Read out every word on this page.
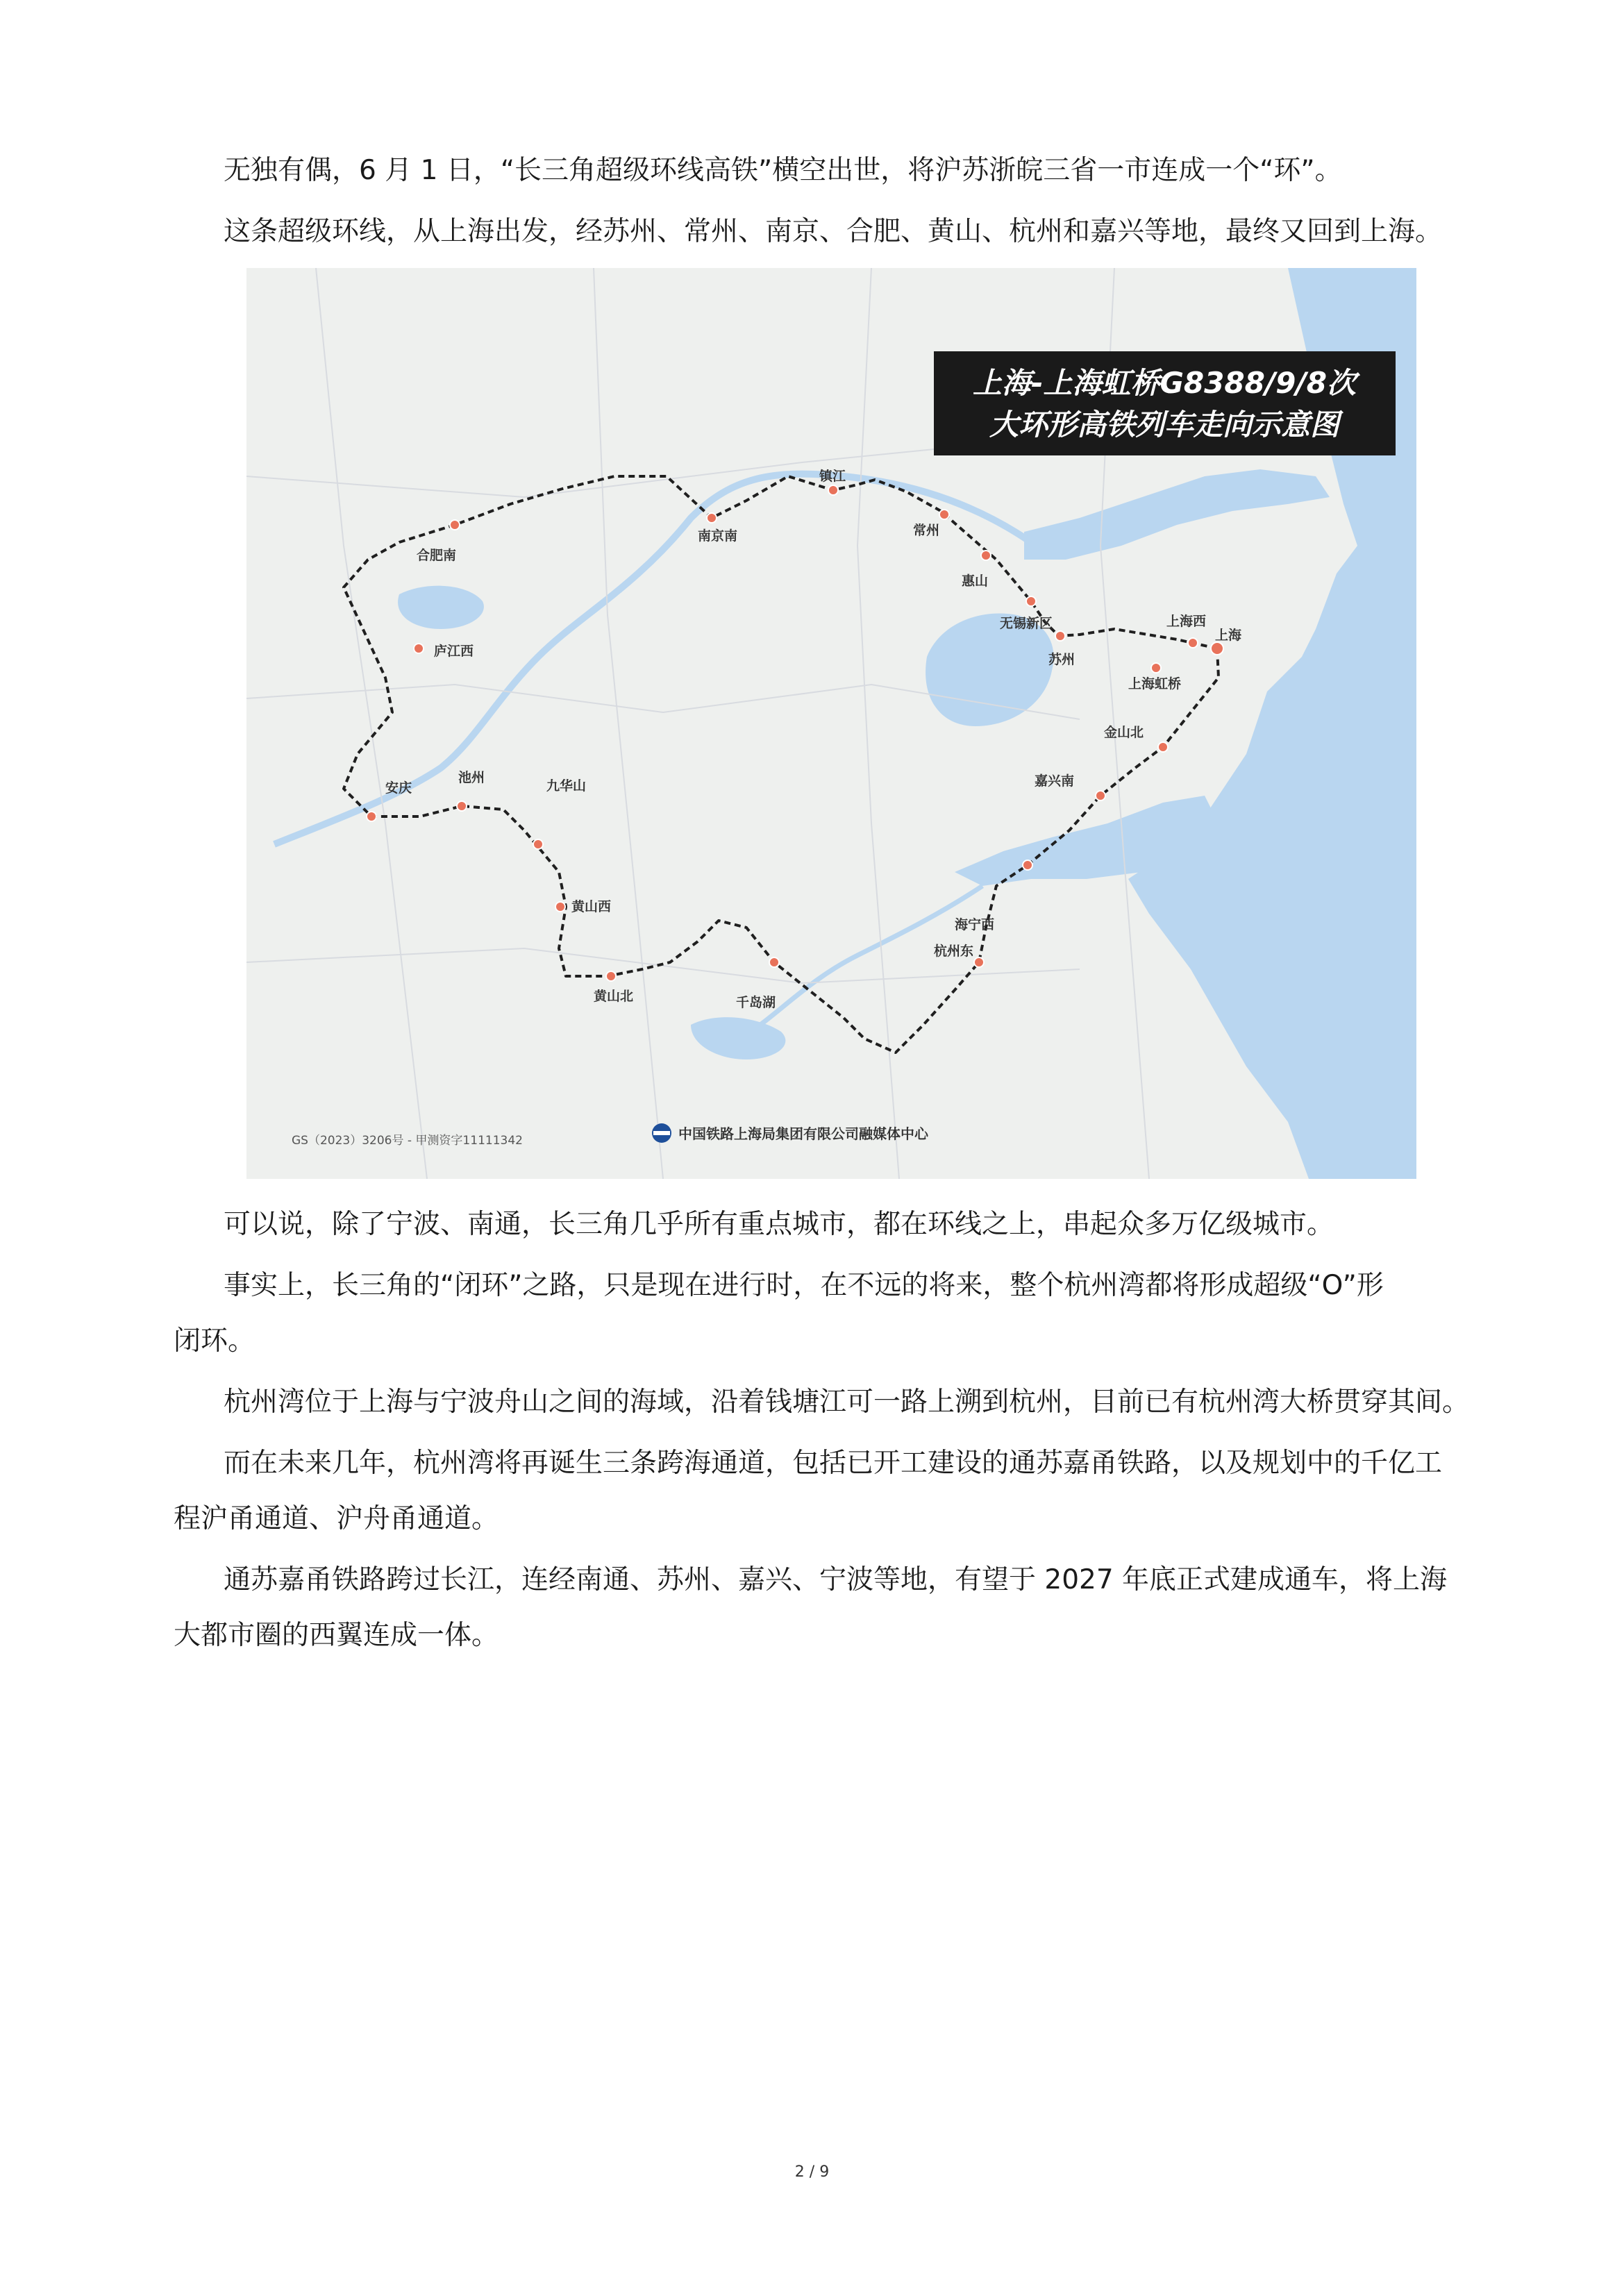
无独有偶，6 月 1 日，“长三角超级环线高铁”横空出世，将沪苏浙皖三省一市连成一个“环”。

这条超级环线，从上海出发，经苏州、常州、南京、合肥、黄山、杭州和嘉兴等地，最终又回到上海。

上海
上海西
上海虹桥
苏州
无锡新区
惠山
常州
镇江
南京南
合肥南
庐江西
安庆
池州
九华山
黄山西
黄山北	千岛湖
杭州东
海宁西
嘉兴南
金山北
上海-上海虹桥G8388/9/8次
大环形高铁列车走向示意图
GS（2023）3206号 - 甲测资字11111342	中国铁路上海局集团有限公司融媒体中心

可以说，除了宁波、南通，长三角几乎所有重点城市，都在环线之上，串起众多万亿级城市。

事实上，长三角的“闭环”之路，只是现在进行时，在不远的将来，整个杭州湾都将形成超级“O”形

闭环。

杭州湾位于上海与宁波舟山之间的海域，沿着钱塘江可一路上溯到杭州，目前已有杭州湾大桥贯穿其间。

而在未来几年，杭州湾将再诞生三条跨海通道，包括已开工建设的通苏嘉甬铁路，以及规划中的千亿工

程沪甬通道、沪舟甬通道。

通苏嘉甬铁路跨过长江，连经南通、苏州、嘉兴、宁波等地，有望于 2027 年底正式建成通车，将上海

大都市圈的西翼连成一体。

2 / 9
